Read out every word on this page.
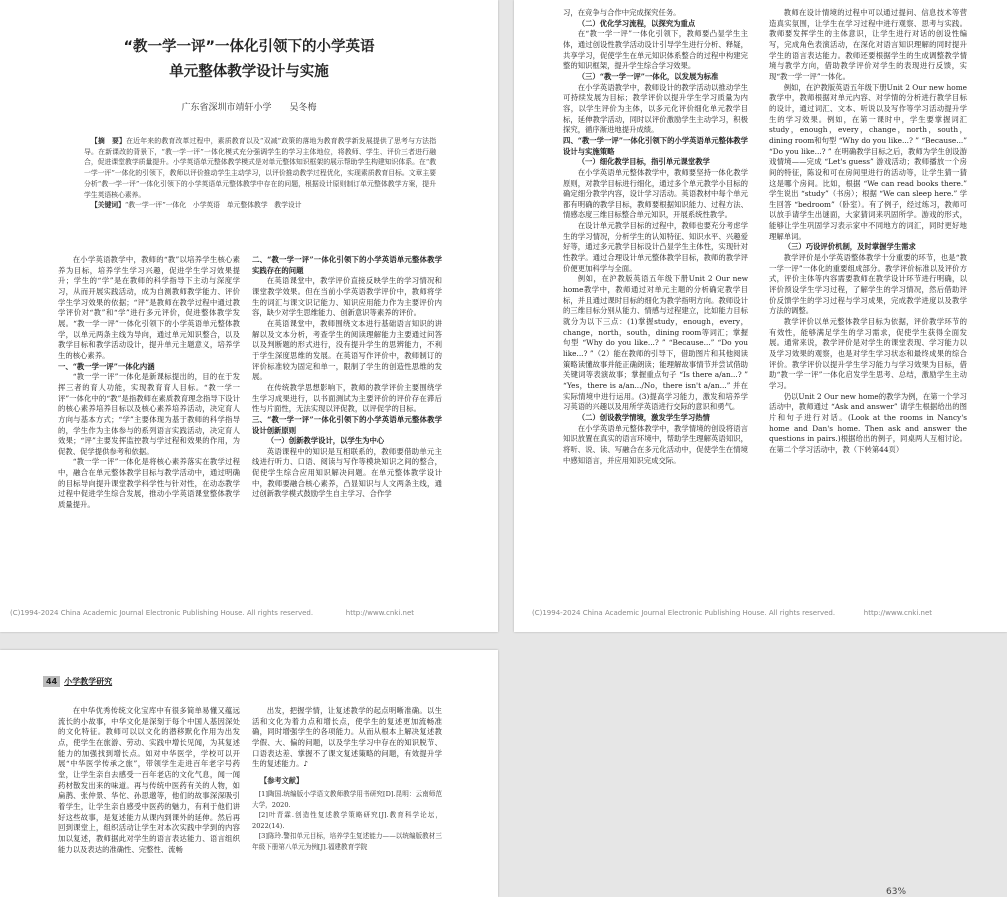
“教一学一评”一体化引领下的小学英语
单元整体教学设计与实施
广东省深圳市靖轩小学　　吴冬梅
【摘　要】在近年来的教育改革过程中，素质教育以及“双减”政策的落地为教育教学新发展提供了思考与方法指导。在新课改的背景下，“教一学一评”一体化模式充分强调学生的学习主体地位，将教师、学生、评价三者进行融合，促进课堂教学质量提升。小学英语单元整体教学模式是对单元整体知识框架的展示帮助学生构建知识体系。在“教一学一评”一体化的引领下，教师以评价推动学生主动学习，以评价推动教学过程优化，实现素质教育目标。文章主要分析“教一学一评”一体化引领下的小学英语单元整体教学中存在的问题，根据设计原则制订单元整体教学方案，提升学生英语核心素养。
【关键词】“教一学一评”一体化　小学英语　单元整体教学　教学设计

在小学英语教学中，教师的“教”以培养学生核心素养为目标，培养学生学习兴趣，促进学生学习效果提升；学生的“学”是在教师的科学指导下主动与深度学习，从而开展实践活动，成为自测教师教学能力、评价学生学习效果的依据；“评”是教师在教学过程中通过教学评价对“教”和“学”进行多元评价，促进整体教学发展。“教一学一评”一体化引领下的小学英语单元整体教学，以单元两条主线为导向，通过单元知识整合，以及教学目标和教学活动设计，提升单元主题意义，培养学生的核心素养。

一、“教一学一评”一体化内涵

“教一学一评”一体化是新课标提出的，目的在于发挥三者的育人功能，实现教育育人目标。“教一学一评”一体化中的“教”是指教师在素质教育理念指导下设计的核心素养培养目标以及核心素养培养活动，决定育人方向与基本方式；“学”主要体现为基于教师的科学指导的，学生作为主体参与的系列语言实践活动，决定育人效果；“评”主要发挥监控教与学过程和效果的作用，为促教、促学提供参考和依据。

“教一学一评”一体化是将核心素养落实在教学过程中，融合在单元整体教学目标与教学活动中，通过明确的目标导向提升课堂教学科学性与针对性，在动态教学过程中促进学生综合发展，推动小学英语课堂整体教学质量提升。

二、“教一学一评”一体化引领下的小学英语单元整体教学实践存在的问题

在英语课堂中，教学评价直接反映学生的学习情况和课堂教学效果。但在当前小学英语教学评价中，教师将学生的词汇与课文识记能力、知识应用能力作为主要评价内容，缺少对学生思维能力、创新意识等素养的评价。

在英语课堂中，教师围绕文本进行基础语言知识的讲解以及文本分析，考查学生的阅读理解能力主要通过问答以及判断题的形式进行，没有提升学生的思辨能力，不利于学生深度思维的发展。在英语写作评价中，教师制订的评价标准较为固定和单一，限制了学生的创造性思维的发展。

在传统教学思想影响下，教师的教学评价主要围绕学生学习成果进行，以书面测试为主要评价的评价存在滞后性与片面性，无法实现以评促教，以评促学的目标。

三、“教一学一评”一体化引领下的小学英语单元整体教学设计创新原则
（一）创新教学设计，以学生为中心

英语课程中的知识是互相联系的，教师要借助单元主线进行听力、口语、阅读与写作等模块知识之间的整合，促使学生综合应用知识解决问题。在单元整体教学设计中，教师要融合核心素养，凸显知识与人文两条主线，通过创新教学模式鼓励学生自主学习、合作学

(C)1994-2024 China Academic Journal Electronic Publishing House. All rights reserved.	http://www.cnki.net

习，在竞争与合作中完成探究任务。

（二）优化学习流程，以探究为重点

在“教一学一评”一体化引领下，教师要凸显学生主体，通过创设性教学活动设计引导学生进行分析、释疑，共享学习，促使学生在单元知识体系整合的过程中构建完整的知识框架，提升学生综合学习效果。

（三）“教一学一评”一体化，以发展为标准

在小学英语教学中，教师设计的教学活动以推动学生可持续发展为目标；教学评价以提升学生学习质量为内容，以学生评价为主体，以多元化评价细化单元教学目标，延伸教学活动，同时以评价激励学生主动学习，积极探究，循序渐进地提升成绩。

四、“教一学一评”一体化引领下的小学英语单元整体教学设计与实施策略
（一）细化教学目标，指引单元课堂教学

在小学英语单元整体教学中，教师要坚持一体化教学原则，对教学目标进行细化，通过多个单元教学小目标的确定细分教学内容，设计学习活动。英语教材中每个单元都有明确的教学目标，教师要根据知识能力、过程方法、情感态度三维目标整合单元知识，开展系统性教学。

在设计单元教学目标的过程中，教师也要充分考虑学生的学习情况，分析学生的认知特征、知识水平、兴趣爱好等，通过多元教学目标设计凸显学生主体性，实现针对性教学。通过合理设计单元整体教学目标，教师的教学评价便更加科学与全面。

例如，在沪教版英语五年级下册Unit 2 Our new home教学中，教师通过对单元主题的分析确定教学目标，并且通过课时目标的细化为教学指明方向。教师设计的三维目标分别从能力、情感与过程建立，比如能力目标就分为以下三点：(1)掌握study，enough，every，change，north，south，dining room等词汇；掌握句型 “Why do you like...? ” “Because...” “Do you like...? ”（2）能在教师的引导下，借助图片和其他阅读策略读懂故事并能正确朗读；能理解故事情节并尝试借助关键词等表演故事；掌握重点句子 “Is there a/an...? ” “Yes，there is a/an.../No，there isn't a/an...” 并在实际情境中进行运用。(3)提高学习能力，激发和培养学习英语的兴趣以及用所学英语进行交际的意识和勇气。

（二）创设教学情境，激发学生学习热情

在小学英语单元整体教学中，教学情境的创设将语言知识放置在真实的语言环境中，帮助学生理解英语知识，将听、说、读、写融合在多元化活动中，促使学生在情境中感知语言，并应用知识完成交际。

教师在设计情境的过程中可以通过提问、信息技术等营造真实氛围，让学生在学习过程中进行观察、思考与实践。教师要发挥学生的主体意识，让学生进行对话的创设性编写，完成角色表演活动，在深化对语言知识理解的同时提升学生的语言表达能力。教师还要根据学生的生成调整教学情境与教学方向，借助教学评价对学生的表现进行反馈，实现“教一学一评”一体化。

例如，在沪教版英语五年级下册Unit 2 Our new home教学中，教师根据对单元内容、对学情的分析进行教学目标的设计，通过词汇、文本、听说以及写作等学习活动提升学生的学习效果。例如，在第一课时中，学生要掌握词汇study，enough，every，change，north，south，dining room和句型 “Why do you like...? ” “Because...” “Do you like...? ” 在明确教学目标之后，教师为学生创设游戏情境——完成 “Let's guess” 游戏活动；教师播放一个房间的特征，陈设和可在房间里进行的活动等，让学生猜一猜这是哪个房间。比如，根据 “We can read books there.” 学生说出 “study”（书房）；根据 “We can sleep here.” 学生回答 “bedroom”（卧室）。有了例子，经过练习，教师可以放手请学生出谜面，大家猜词来巩固所学。游戏的形式，能够让学生巩固学习表示家中不同地方的词汇，同时更好地理解单词。

（三）巧设评价机制，及时掌握学生需求

教学评价是小学英语整体教学十分重要的环节，也是“教一学一评”一体化的重要组成部分。教学评价标准以及评价方式，评价主体等内容需要教师在教学设计环节进行明确，以评价预设学生学习过程，了解学生的学习情况，然后借助评价反馈学生的学习过程与学习成果，完成教学进度以及教学方法的调整。

教学评价以单元整体教学目标为依据，评价教学环节的有效性，能够满足学生的学习需求，促使学生获得全面发展。通常来说，教学评价是对学生的课堂表现、学习能力以及学习效果的观察，也是对学生学习状态和最终成果的综合评价。教学评价以提升学生学习能力与学习效果为目标，借助“教一学一评”一体化启发学生思考、总结，激励学生主动学习。

仍以Unit 2 Our new home的教学为例，在第一个学习活动中，教师通过 “Ask and answer” 请学生根据给出的图片和句子进行对话。(Look at the rooms in Nancy's home and Dan's home. Then ask and answer the questions in pairs.)根据给出的例子，同桌两人互相讨论。在第二个学习活动中，教（下转第44页）

(C)1994-2024 China Academic Journal Electronic Publishing House. All rights reserved.	http://www.cnki.net
44 小学教学研究

在中华优秀传统文化宝库中有很多简单易懂又蕴远流长的小故事，中华文化是深刻于每个中国人基因深处的文化特征。教师可以以文化的潜移默化作用为出发点，使学生在旅游、劳动、实践中增长见闻，为其复述能力的加强找到增长点。如对中华医学，学校可以开展“中华医学传承之旅”，带领学生走进百年老字号药堂，让学生亲自去感受一百年老店的文化气息，闻一闻药材散发出来的味道。再与传统中医药有关的人物，如扁鹊、张仲景、华佗、孙思邈等，他们的故事深深吸引着学生，让学生亲自感受中医药的魅力，有利于他们讲好这些故事，是复述能力从课内到课外的延伸。然后再回到课堂上，组织活动让学生对本次实践中学到的内容加以复述，教师据此对学生的语言表达能力、语言组织能力以及表达的准确性、完整性、流畅

出发，把握学情，让复述教学的起点明晰准确。以生活和文化为着力点和增长点，使学生的复述更加流畅准确，同时增强学生的各项能力。从而从根本上解决复述教学假、大、偏的问题，以及学生学习中存在的知识脱节、口语表达差、掌握不了课文复述策略的问题，有效提升学生的复述能力。♪

【参考文献】

[1]陶国.统编版小学语文教师教学用书研究[D].昆明：云南师范大学，2020.

[2]叶青霖.创造性复述教学策略研究[J].教育科学论坛，2022(14).

[3]陈玲.警扣单元目标，培养学生复述能力——以统编版教材三年级下册第八单元为例[J].福建教育学院

63%
